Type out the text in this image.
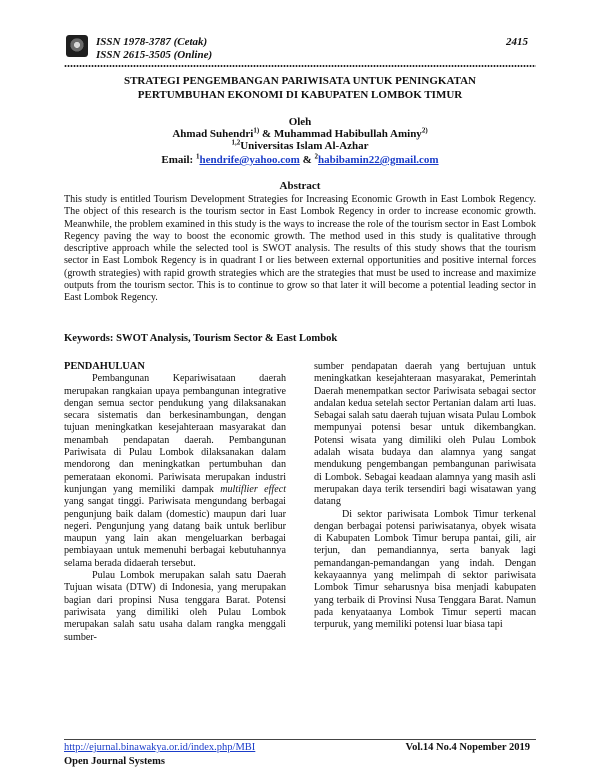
ISSN 1978-3787 (Cetak)
ISSN 2615-3505 (Online)
2415
STRATEGI PENGEMBANGAN PARIWISATA UNTUK PENINGKATAN
PERTUMBUHAN EKONOMI DI KABUPATEN LOMBOK TIMUR
Oleh
Ahmad Suhendri$^{1)}$ & Muhammad Habibullah Aminy$^{2)}$
$^{1,2}$Universitas Islam Al-Azhar
Email: $^1$hendrife@yahoo.com & $^2$habibamin22@gmail.com
Abstract
This study is entitled Tourism Development Strategies for Increasing Economic Growth in East Lombok Regency. The object of this research is the tourism sector in East Lombok Regency in order to increase economic growth. Meanwhile, the problem examined in this study is the ways to increase the role of the tourism sector in East Lombok Regency paving the way to boost the economic growth. The method used in this study is qualitative through descriptive approach while the selected tool is SWOT analysis. The results of this study shows that the tourism sector in East Lombok Regency is in quadrant I or lies between external opportunities and positive internal forces (growth strategies) with rapid growth strategies which are the strategies that must be used to increase and maximize outputs from the tourism sector. This is to continue to grow so that later it will become a potential leading sector in East Lombok Regency.
Keywords: SWOT Analysis, Tourism Sector & East Lombok

PENDAHULUAN

Pembangunan Kepariwisataan daerah merupakan rangkaian upaya pembangunan integrative dengan semua sector pendukung yang dilaksanakan secara sistematis dan berkesinambungan, dengan tujuan meningkatkan kesejahteraan masyarakat dan menambah pendapatan daerah. Pembangunan Pariwisata di Pulau Lombok dilaksanakan dalam mendorong dan meningkatkan pertumbuhan dan pemerataan ekonomi. Pariwisata merupakan industri kunjungan yang memiliki dampak multiflier effect yang sangat tinggi. Pariwisata mengundang berbagai pengunjung baik dalam (domestic) maupun dari luar negeri. Pengunjung yang datang baik untuk berlibur maupun yang lain akan mengeluarkan berbagai pembiayaan untuk memenuhi berbagai kebutuhannya selama berada didaerah tersebut.

Pulau Lombok merupakan salah satu Daerah Tujuan wisata (DTW) di Indonesia, yang merupakan bagian dari propinsi Nusa tenggara Barat. Potensi pariwisata yang dimiliki oleh Pulau Lombok merupakan salah satu usaha dalam rangka menggali sumber-

sumber pendapatan daerah yang bertujuan untuk meningkatkan kesejahteraan masyarakat, Pemerintah Daerah menempatkan sector Pariwisata sebagai sector andalan kedua setelah sector Pertanian dalam arti luas. Sebagai salah satu daerah tujuan wisata Pulau Lombok mempunyai potensi besar untuk dikembangkan. Potensi wisata yang dimiliki oleh Pulau Lombok adalah wisata budaya dan alamnya yang sangat mendukung pengembangan pembangunan pariwisata di Lombok. Sebagai keadaan alamnya yang masih asli merupakan daya terik tersendiri bagi wisatawan yang datang

Di sektor pariwisata Lombok Timur terkenal dengan berbagai potensi pariwisatanya, obyek wisata di Kabupaten Lombok Timur berupa pantai, gili, air terjun, dan pemandiannya, serta banyak lagi pemandangan-pemandangan yang indah. Dengan kekayaannya yang melimpah di sektor pariwisata Lombok Timur seharusnya bisa menjadi kabupaten yang terbaik di Provinsi Nusa Tenggara Barat. Namun pada kenyataanya Lombok Timur seperti macan terpuruk, yang memiliki potensi luar biasa tapi

http://ejurnal.binawakya.or.id/index.php/MBI	Vol.14 No.4 Nopember 2019
Open Journal Systems
